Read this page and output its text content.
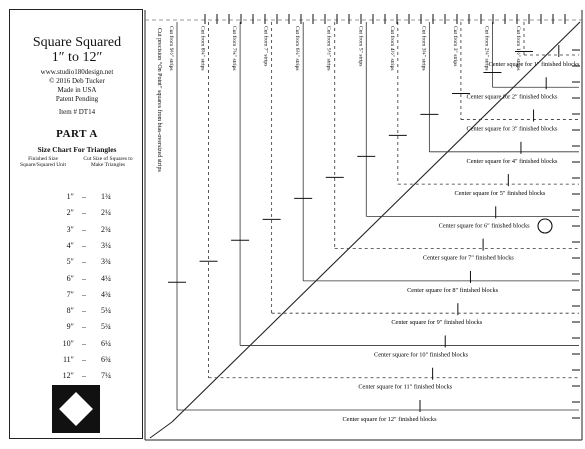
Square Squared
1″ to 12″
www.studio180design.net
© 2016 Deb Tucker
Made in USA
Patent Pending
Item # DT14
PART A
Size Chart For Triangles
Finished Size Square/Squared Unit
Cut Size of Squares to Make Triangles
1″ – 1¾
2″ – 2¼
3″ – 2¾
4″ – 3¼
5″ – 3¾
6″ – 4¼
7″ – 4¾
8″ – 5¼
9″ – 5¾
10″ – 6¼
11″ – 6¾
12″ – 7¼
Cut precision “On Point” squares from bias-oversized strips Cut from 9½″ strips	Cut from 8¾″ strips	Cut from 7¾″ strips	Cut from 7″ strips	Cut from 6¼″ strips	Cut from 5½″ strips	Cut from 5″ strips	Cut from 4½″ strips	Cut from 3¾″ strips	Cut from 3″ strips	Cut from 2¼″ strips	Cut from 1½″ strips
Center square for 1″ finished blocks
Center square for 2″ finished blocks
Center square for 3″ finished blocks
Center square for 4″ finished blocks
Center square for 5″ finished blocks
Center square for 6″ finished blocks
Center square for 7″ finished blocks
Center square for 8″ finished blocks
Center square for 9″ finished blocks
Center square for 10″ finished blocks
Center square for 11″ finished blocks
Center square for 12″ finished blocks
